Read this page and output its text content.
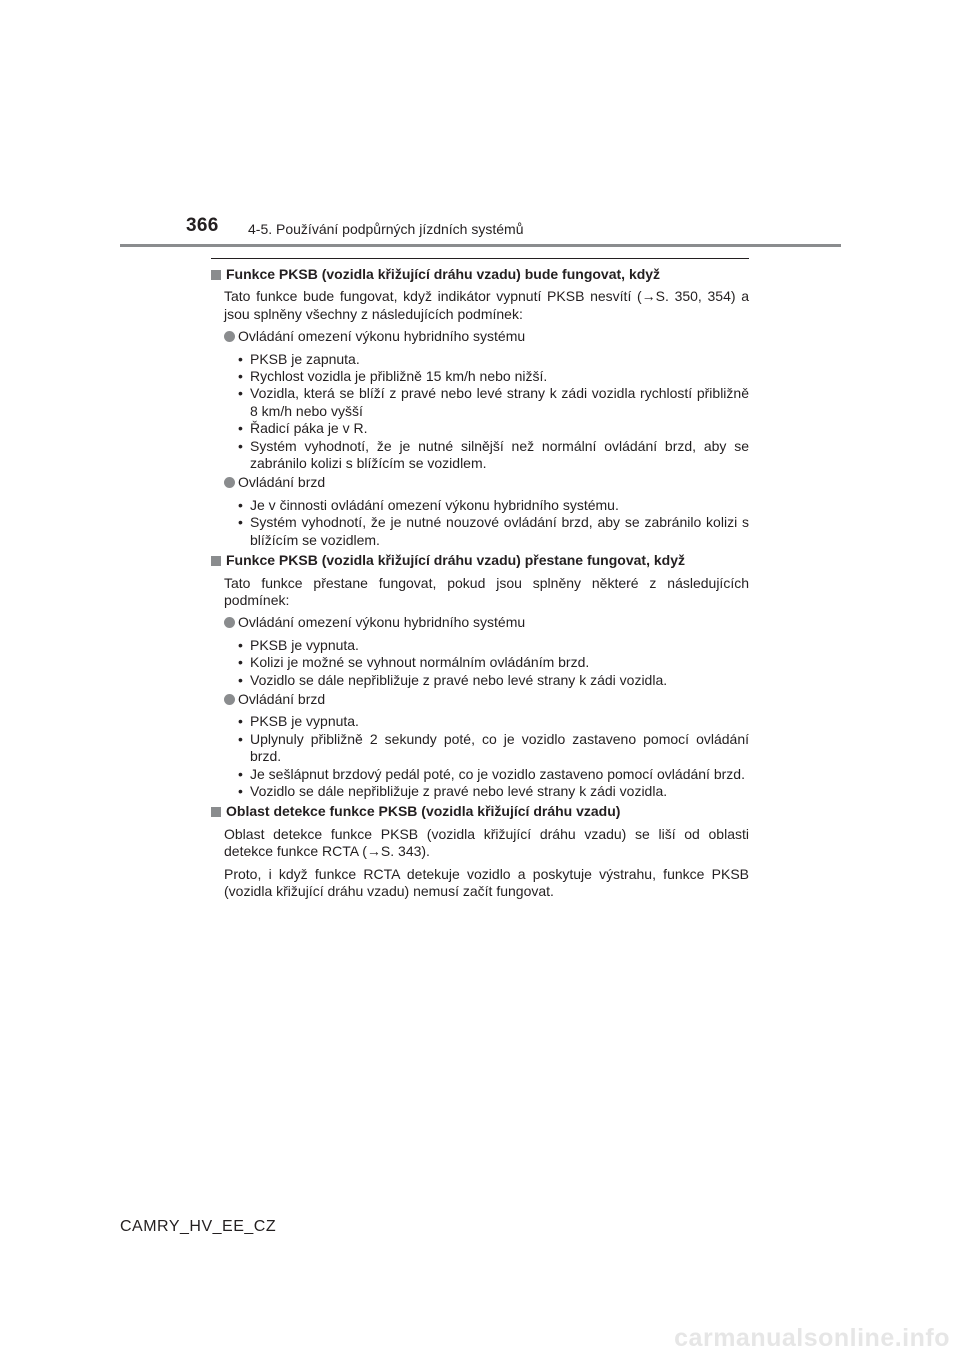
366 4-5. Používání podpůrných jízdních systémů
Funkce PKSB (vozidla křižující dráhu vzadu) bude fungovat, když

Tato funkce bude fungovat, když indikátor vypnutí PKSB nesvítí (→S. 350, 354) a jsou splněny všechny z následujících podmínek:

Ovládání omezení výkonu hybridního systému
• PKSB je zapnuta.
• Rychlost vozidla je přibližně 15 km/h nebo nižší.
• Vozidla, která se blíží z pravé nebo levé strany k zádi vozidla rychlostí přibližně 8 km/h nebo vyšší
• Řadicí páka je v R.
• Systém vyhodnotí, že je nutné silnější než normální ovládání brzd, aby se zabránilo kolizi s blížícím se vozidlem.
Ovládání brzd
• Je v činnosti ovládání omezení výkonu hybridního systému.
• Systém vyhodnotí, že je nutné nouzové ovládání brzd, aby se zabránilo kolizi s blížícím se vozidlem.
Funkce PKSB (vozidla křižující dráhu vzadu) přestane fungovat, když

Tato funkce přestane fungovat, pokud jsou splněny některé z následujících podmínek:

Ovládání omezení výkonu hybridního systému
• PKSB je vypnuta.
• Kolizi je možné se vyhnout normálním ovládáním brzd.
• Vozidlo se dále nepřibližuje z pravé nebo levé strany k zádi vozidla.
Ovládání brzd
• PKSB je vypnuta.
• Uplynuly přibližně 2 sekundy poté, co je vozidlo zastaveno pomocí ovládání brzd.
• Je sešlápnut brzdový pedál poté, co je vozidlo zastaveno pomocí ovládání brzd.
• Vozidlo se dále nepřibližuje z pravé nebo levé strany k zádi vozidla.
Oblast detekce funkce PKSB (vozidla křižující dráhu vzadu)

Oblast detekce funkce PKSB (vozidla křižující dráhu vzadu) se liší od oblasti detekce funkce RCTA (→S. 343).

Proto, i když funkce RCTA detekuje vozidlo a poskytuje výstrahu, funkce PKSB (vozidla křižující dráhu vzadu) nemusí začít fungovat.

CAMRY_HV_EE_CZ
carmanualsonline.info
